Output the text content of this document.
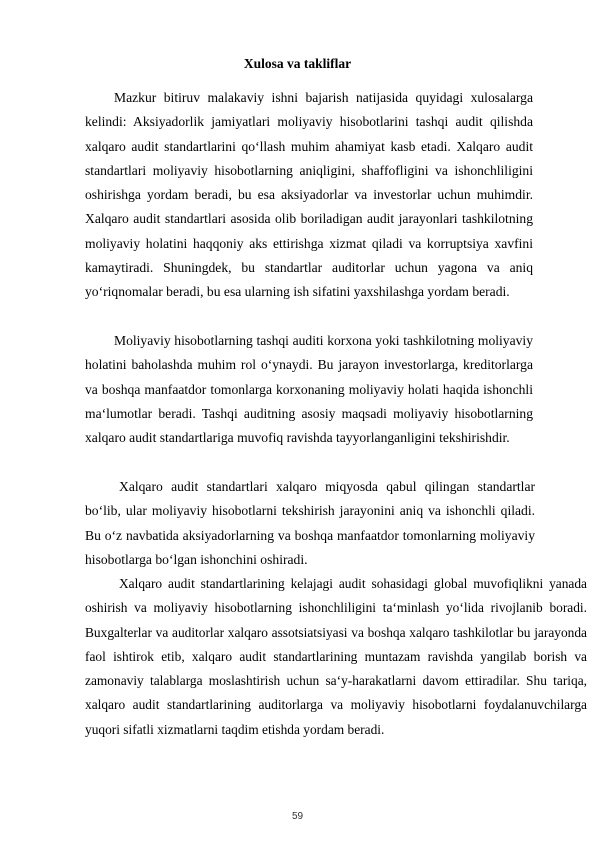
Xulosa va takliflar
Mazkur bitiruv malakaviy ishni bajarish natijasida quyidagi xulosalarga kelindi: Aksiyadorlik jamiyatlari moliyaviy hisobotlarini tashqi audit qilishda xalqaro audit standartlarini qo‘llash muhim ahamiyat kasb etadi. Xalqaro audit standartlari moliyaviy hisobotlarning aniqligini, shaffofligini va ishonchliligini oshirishga yordam beradi, bu esa aksiyadorlar va investorlar uchun muhimdir. Xalqaro audit standartlari asosida olib boriladigan audit jarayonlari tashkilotning moliyaviy holatini haqqoniy aks ettirishga xizmat qiladi va korruptsiya xavfini kamaytiradi. Shuningdek, bu standartlar auditorlar uchun yagona va aniq yo‘riqnomalar beradi, bu esa ularning ish sifatini yaxshilashga yordam beradi.
Moliyaviy hisobotlarning tashqi auditi korxona yoki tashkilotning moliyaviy holatini baholashda muhim rol o‘ynaydi. Bu jarayon investorlarga, kreditorlarga va boshqa manfaatdor tomonlarga korxonaning moliyaviy holati haqida ishonchli ma‘lumotlar beradi. Tashqi auditning asosiy maqsadi moliyaviy hisobotlarning xalqaro audit standartlariga muvofiq ravishda tayyorlanganligini tekshirishdir.
Xalqaro audit standartlari xalqaro miqyosda qabul qilingan standartlar bo‘lib, ular moliyaviy hisobotlarni tekshirish jarayonini aniq va ishonchli qiladi. Bu o‘z navbatida aksiyadorlarning va boshqa manfaatdor tomonlarning moliyaviy hisobotlarga bo‘lgan ishonchini oshiradi.
Xalqaro audit standartlarining kelajagi audit sohasidagi global muvofiqlikni yanada oshirish va moliyaviy hisobotlarning ishonchliligini ta‘minlash yo‘lida rivojlanib boradi. Buxgalterlar va auditorlar xalqaro assotsiatsiyasi va boshqa xalqaro tashkilotlar bu jarayonda faol ishtirok etib, xalqaro audit standartlarining muntazam ravishda yangilab borish va zamonaviy talablarga moslashtirish uchun sa‘y-harakatlarni davom ettiradilar. Shu tariqa, xalqaro audit standartlarining auditorlarga va moliyaviy hisobotlarni foydalanuvchilarga yuqori sifatli xizmatlarni taqdim etishda yordam beradi.
59
